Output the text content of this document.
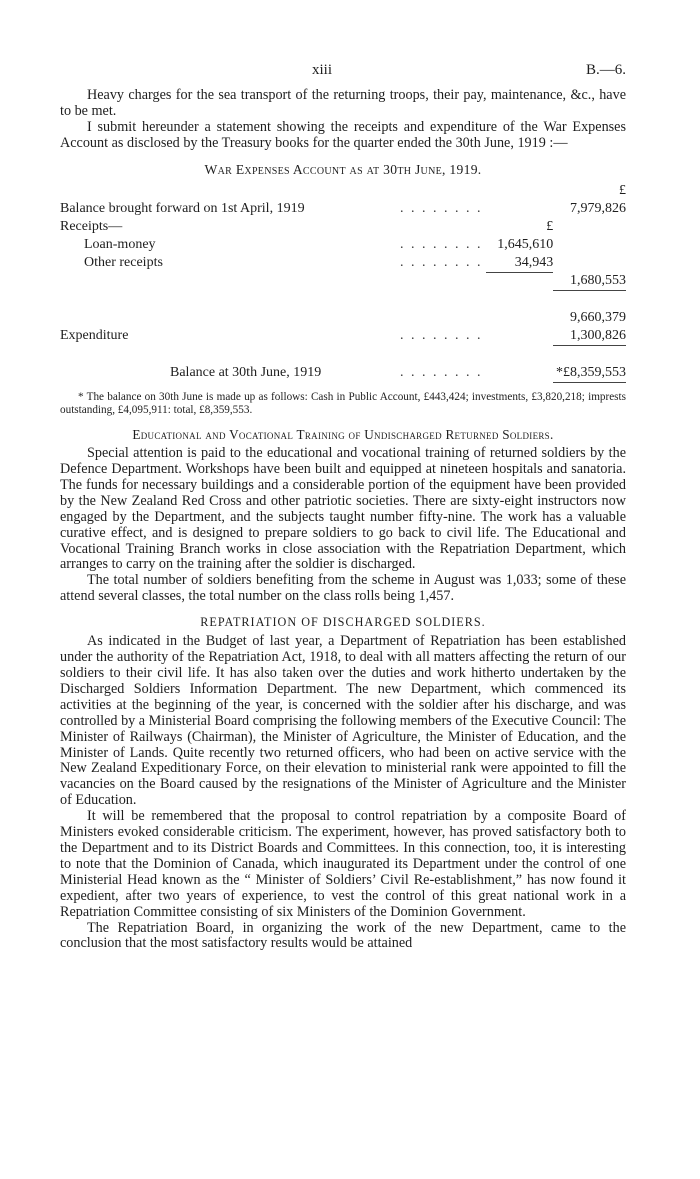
xiii	B.—6.

Heavy charges for the sea transport of the returning troops, their pay, maintenance, &c., have to be met.

I submit hereunder a statement showing the receipts and expenditure of the War Expenses Account as disclosed by the Treasury books for the quarter ended the 30th June, 1919 :—

War Expenses Account as at 30th June, 1919.
			£
Balance brought forward on 1st April, 1919	. . . . . . . .		7,979,826
Receipts—		£	
Loan-money	. . . . . . . .	1,645,610	
Other receipts	. . . . . . . .	34,943	
			1,680,553

			9,660,379
Expenditure	. . . . . . . .		1,300,826

Balance at 30th June, 1919	. . . . . . . .		*£8,359,553

* The balance on 30th June is made up as follows: Cash in Public Account, £443,424; investments, £3,820,218; imprests outstanding, £4,095,911: total, £8,359,553.

Educational and Vocational Training of Undischarged Returned Soldiers.

Special attention is paid to the educational and vocational training of returned soldiers by the Defence Department. Workshops have been built and equipped at nineteen hospitals and sanatoria. The funds for necessary buildings and a considerable portion of the equipment have been provided by the New Zealand Red Cross and other patriotic societies. There are sixty-eight instructors now engaged by the Department, and the subjects taught number fifty-nine. The work has a valuable curative effect, and is designed to prepare soldiers to go back to civil life. The Educational and Vocational Training Branch works in close association with the Repatriation Department, which arranges to carry on the training after the soldier is discharged.

The total number of soldiers benefiting from the scheme in August was 1,033; some of these attend several classes, the total number on the class rolls being 1,457.

REPATRIATION OF DISCHARGED SOLDIERS.

As indicated in the Budget of last year, a Department of Repatriation has been established under the authority of the Repatriation Act, 1918, to deal with all matters affecting the return of our soldiers to their civil life. It has also taken over the duties and work hitherto undertaken by the Discharged Soldiers Information Department. The new Department, which commenced its activities at the beginning of the year, is concerned with the soldier after his discharge, and was controlled by a Ministerial Board comprising the following members of the Executive Council: The Minister of Railways (Chairman), the Minister of Agriculture, the Minister of Education, and the Minister of Lands. Quite recently two returned officers, who had been on active service with the New Zealand Expeditionary Force, on their elevation to ministerial rank were appointed to fill the vacancies on the Board caused by the resignations of the Minister of Agriculture and the Minister of Education.

It will be remembered that the proposal to control repatriation by a composite Board of Ministers evoked considerable criticism. The experiment, however, has proved satisfactory both to the Department and to its District Boards and Committees. In this connection, too, it is interesting to note that the Dominion of Canada, which inaugurated its Department under the control of one Ministerial Head known as the “ Minister of Soldiers’ Civil Re-establishment,” has now found it expedient, after two years of experience, to vest the control of this great national work in a Repatriation Committee consisting of six Ministers of the Dominion Government.

The Repatriation Board, in organizing the work of the new Department, came to the conclusion that the most satisfactory results would be attained
